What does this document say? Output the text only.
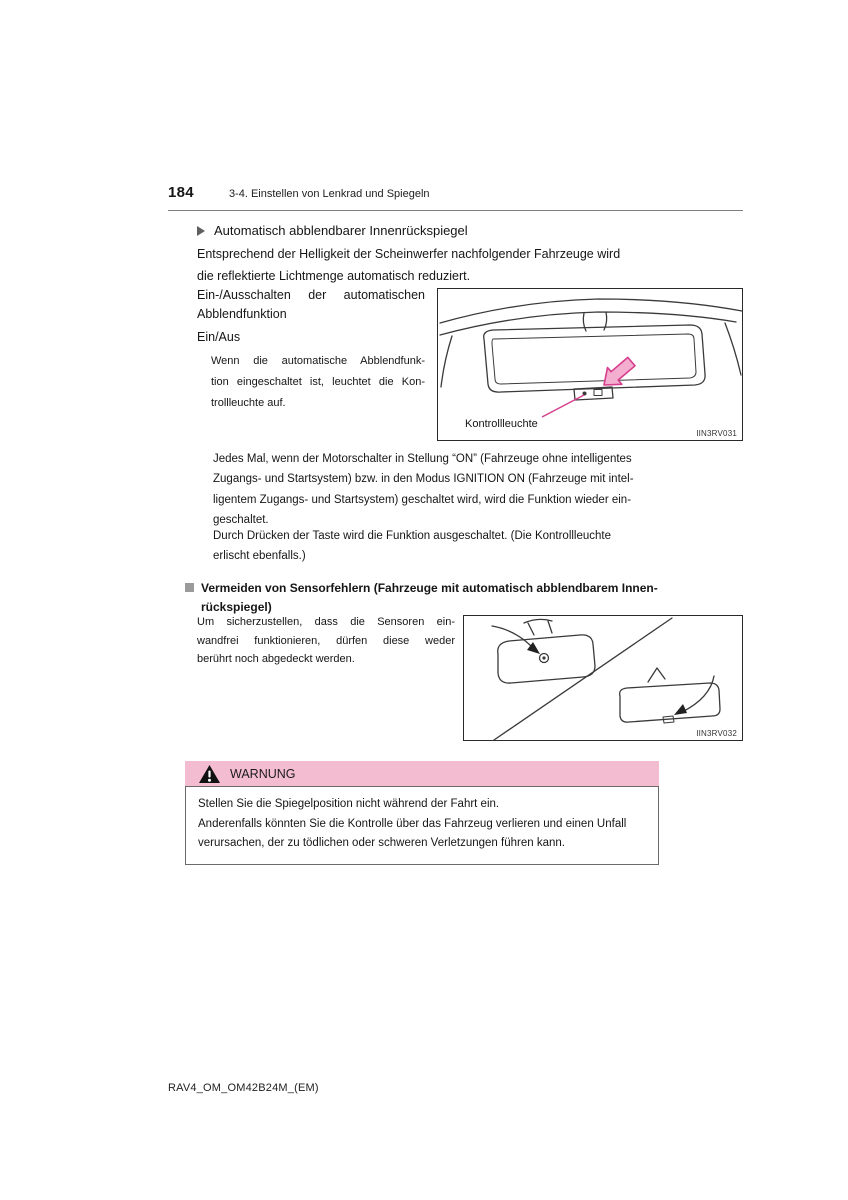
184	3-4. Einstellen von Lenkrad und Spiegeln
Automatisch abblendbarer Innenrückspiegel
Entsprechend der Helligkeit der Scheinwerfer nachfolgender Fahrzeuge wird
die reflektierte Lichtmenge automatisch reduziert.
Ein-/Ausschalten der automatischen
Abblendfunktion
Ein/Aus
Wenn die automatische Abblendfunk-
tion eingeschaltet ist, leuchtet die Kon-
trollleuchte auf.
Kontrollleuchte
IIN3RV031
Jedes Mal, wenn der Motorschalter in Stellung “ON” (Fahrzeuge ohne intelligentes
Zugangs- und Startsystem) bzw. in den Modus IGNITION ON (Fahrzeuge mit intel-
ligentem Zugangs- und Startsystem) geschaltet wird, wird die Funktion wieder ein-
geschaltet.
Durch Drücken der Taste wird die Funktion ausgeschaltet. (Die Kontrollleuchte
erlischt ebenfalls.)
Vermeiden von Sensorfehlern (Fahrzeuge mit automatisch abblendbarem Innen-
rückspiegel)
Um sicherzustellen, dass die Sensoren ein-
wandfrei funktionieren, dürfen diese weder
berührt noch abgedeckt werden.
IIN3RV032
WARNUNG
Stellen Sie die Spiegelposition nicht während der Fahrt ein.
Anderenfalls könnten Sie die Kontrolle über das Fahrzeug verlieren und einen Unfall
verursachen, der zu tödlichen oder schweren Verletzungen führen kann.
RAV4_OM_OM42B24M_(EM)
